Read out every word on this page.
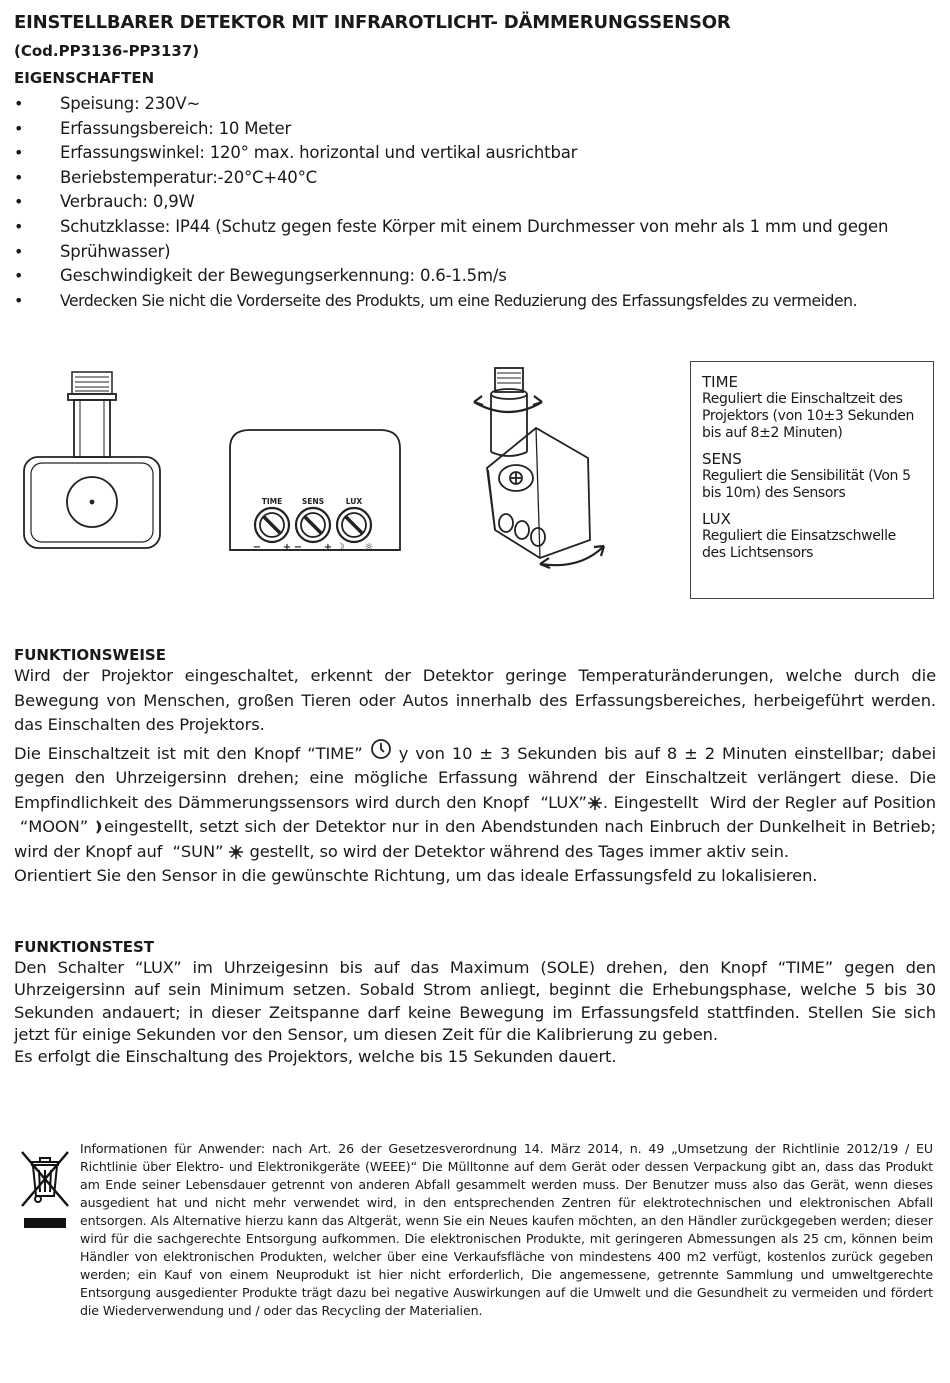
EINSTELLBARER DETEKTOR MIT INFRAROTLICHT- DÄMMERUNGSSENSOR
(Cod.PP3136-PP3137)
EIGENSCHAFTEN
• Speisung: 230V~
• Erfassungsbereich: 10 Meter
• Erfassungswinkel: 120° max. horizontal und vertikal ausrichtbar
• Beriebstemperatur:-20°C+40°C
• Verbrauch: 0,9W
• Schutzklasse: IP44 (Schutz gegen feste Körper mit einem Durchmesser von mehr als 1 mm und gegen
• Sprühwasser)
• Geschwindigkeit der Bewegungserkennung: 0.6-1.5m/s
• Verdecken Sie nicht die Vorderseite des Produkts, um eine Reduzierung des Erfassungsfeldes zu vermeiden.
TIME	SENS	LUX
− + − + ☽ ☼
TIME
Reguliert die Einschaltzeit des Projektors (von 10±3 Sekunden bis auf 8±2 Minuten)
SENS
Reguliert die Sensibilität (Von 5 bis 10m) des Sensors
LUX
Reguliert die Einsatzschwelle des Lichtsensors
FUNKTIONSWEISE

Wird der Projektor eingeschaltet, erkennt der Detektor geringe Temperaturänderungen, welche durch die Bewegung von Menschen, großen Tieren oder Autos innerhalb des Erfassungsbereiches, herbeigeführt werden. das Einschalten des Projektors.

Die Einschaltzeit ist mit den Knopf “TIME” y von 10 ± 3 Sekunden bis auf 8 ± 2 Minuten einstellbar; dabei gegen den Uhrzeigersinn drehen; eine mögliche Erfassung während der Einschaltzeit verlängert diese. Die Empfindlichkeit des Dämmerungssensors wird durch den Knopf  “LUX” . Eingestellt  Wird der Regler auf Position  “MOON” eingestellt, setzt sich der Detektor nur in den Abendstunden nach Einbruch der Dunkelheit in Betrieb; wird der Knopf auf  “SUN” gestellt, so wird der Detektor während des Tages immer aktiv sein.

Orientiert Sie den Sensor in die gewünschte Richtung, um das ideale Erfassungsfeld zu lokalisieren.

FUNKTIONSTEST

Den Schalter “LUX” im Uhrzeigesinn bis auf das Maximum (SOLE) drehen, den Knopf “TIME” gegen den Uhrzeigersinn auf sein Minimum setzen. Sobald Strom anliegt, beginnt die Erhebungsphase, welche 5 bis 30 Sekunden andauert; in dieser Zeitspanne darf keine Bewegung im Erfassungsfeld stattfinden. Stellen Sie sich jetzt für einige Sekunden vor den Sensor, um diesen Zeit für die Kalibrierung zu geben.

Es erfolgt die Einschaltung des Projektors, welche bis 15 Sekunden dauert.

Informationen für Anwender: nach Art. 26 der Gesetzesverordnung 14. März 2014, n. 49 „Umsetzung der Richtlinie 2012/19 / EU Richtlinie über Elektro- und Elektronikgeräte (WEEE)“ Die Mülltonne auf dem Gerät oder dessen Verpackung gibt an, dass das Produkt am Ende seiner Lebensdauer getrennt von anderen Abfall gesammelt werden muss. Der Benutzer muss also das Gerät, wenn dieses ausgedient hat und nicht mehr verwendet wird, in den entsprechenden Zentren für elektrotechnischen und elektronischen Abfall entsorgen. Als Alternative hierzu kann das Altgerät, wenn Sie ein Neues kaufen möchten, an den Händler zurückgegeben werden; dieser wird für die sachgerechte Entsorgung aufkommen. Die elektronischen Produkte, mit geringeren Abmessungen als 25 cm, können beim Händler von elektronischen Produkten, welcher über eine Verkaufsfläche von mindestens 400 m2 verfügt, kostenlos zurück gegeben werden; ein Kauf von einem Neuprodukt ist hier nicht erforderlich, Die angemessene, getrennte Sammlung und umweltgerechte Entsorgung ausgedienter Produkte trägt dazu bei negative Auswirkungen auf die Umwelt und die Gesundheit zu vermeiden und fördert die Wiederverwendung und / oder das Recycling der Materialien.
